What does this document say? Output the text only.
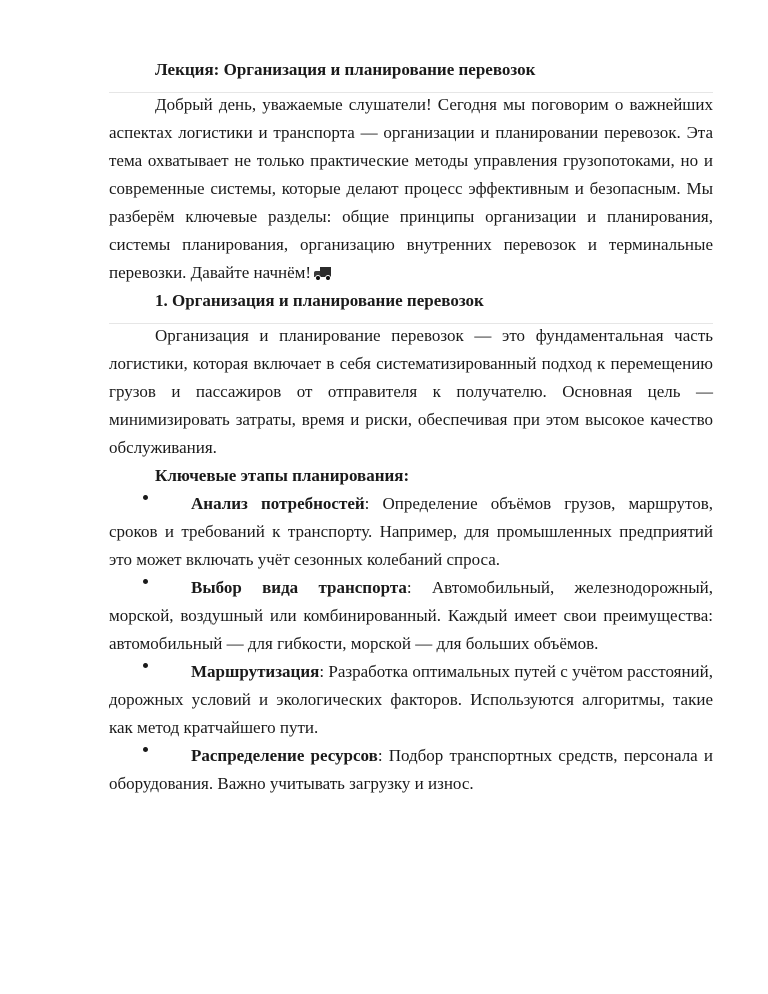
Лекция: Организация и планирование перевозок

Добрый день, уважаемые слушатели! Сегодня мы поговорим о важнейших аспектах логистики и транспорта — организации и планировании перевозок. Эта тема охватывает не только практические методы управления грузопотоками, но и современные системы, которые делают процесс эффективным и безопасным. Мы разберём ключевые разделы: общие принципы организации и планирования, системы планирования, организацию внутренних перевозок и терминальные перевозки. Давайте начнём!

1. Организация и планирование перевозок

Организация и планирование перевозок — это фундаментальная часть логистики, которая включает в себя систематизированный подход к перемещению грузов и пассажиров от отправителя к получателю. Основная цель — минимизировать затраты, время и риски, обеспечивая при этом высокое качество обслуживания.

Ключевые этапы планирования:

Анализ потребностей: Определение объёмов грузов, маршрутов, сроков и требований к транспорту. Например, для промышленных предприятий это может включать учёт сезонных колебаний спроса.

Выбор вида транспорта: Автомобильный, железнодорожный, морской, воздушный или комбинированный. Каждый имеет свои преимущества: автомобильный — для гибкости, морской — для больших объёмов.

Маршрутизация: Разработка оптимальных путей с учётом расстояний, дорожных условий и экологических факторов. Используются алгоритмы, такие как метод кратчайшего пути.

Распределение ресурсов: Подбор транспортных средств, персонала и оборудования. Важно учитывать загрузку и износ.
